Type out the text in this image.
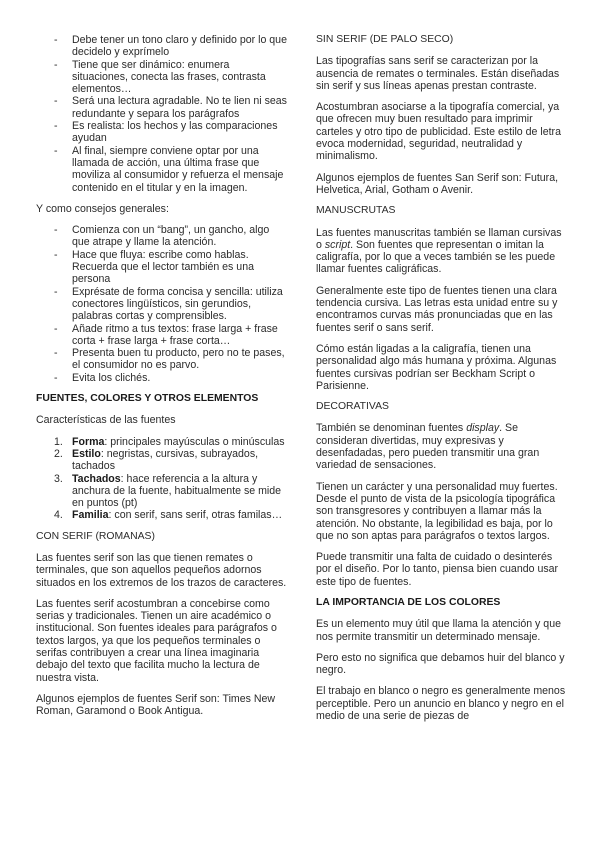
- Debe tener un tono claro y definido por lo que decidelo y exprímelo
- Tiene que ser dinámico: enumera situaciones, conecta las frases, contrasta elementos…
- Será una lectura agradable. No te lien ni seas redundante y separa los parágrafos
- Es realista: los hechos y las comparaciones ayudan
- Al final, siempre conviene optar por una llamada de acción, una última frase que moviliza al consumidor y refuerza el mensaje contenido en el titular y en la imagen.

Y como consejos generales:

- Comienza con un “bang”, un gancho, algo que atrape y llame la atención.
- Hace que fluya: escribe como hablas. Recuerda que el lector también es una persona
- Exprésate de forma concisa y sencilla: utiliza conectores lingüísticos, sin gerundios, palabras cortas y comprensibles.
- Añade ritmo a tus textos: frase larga + frase corta + frase larga + frase corta…
- Presenta buen tu producto, pero no te pases, el consumidor no es parvo.
- Evita los clichés.
FUENTES, COLORES Y OTROS ELEMENTOS

Características de las fuentes

1. Forma: principales mayúsculas o minúsculas
2. Estilo: negristas, cursivas, subrayados, tachados
3. Tachados: hace referencia a la altura y anchura de la fuente, habitualmente se mide en puntos (pt)
4. Familia: con serif, sans serif, otras familas…
CON SERIF (ROMANAS)

Las fuentes serif son las que tienen remates o terminales, que son aquellos pequeños adornos situados en los extremos de los trazos de caracteres.

Las fuentes serif acostumbran a concebirse como serias y tradicionales. Tienen un aire académico o institucional. Son fuentes ideales para parágrafos o textos largos, ya que los pequeños terminales o serifas contribuyen a crear una línea imaginaria debajo del texto que facilita mucho la lectura de nuestra vista.

Algunos ejemplos de fuentes Serif son: Times New Roman, Garamond o Book Antigua.

SIN SERIF (DE PALO SECO)

Las tipografías sans serif se caracterizan por la ausencia de remates o terminales. Están diseñadas sin serif y sus líneas apenas prestan contraste.

Acostumbran asociarse a la tipografía comercial, ya que ofrecen muy buen resultado para imprimir carteles y otro tipo de publicidad. Este estilo de letra evoca modernidad, seguridad, neutralidad y minimalismo.

Algunos ejemplos de fuentes San Serif son: Futura, Helvetica, Arial, Gotham o Avenir.

MANUSCRUTAS

Las fuentes manuscritas también se llaman cursivas o script. Son fuentes que representan o imitan la caligrafía, por lo que a veces también se les puede llamar fuentes caligráficas.

Generalmente este tipo de fuentes tienen una clara tendencia cursiva. Las letras esta unidad entre su y encontramos curvas más pronunciadas que en las fuentes serif o sans serif.

Cómo están ligadas a la caligrafía, tienen una personalidad algo más humana y próxima. Algunas fuentes cursivas podrían ser Beckham Script o Parisienne.

DECORATIVAS

También se denominan fuentes display. Se consideran divertidas, muy expresivas y desenfadadas, pero pueden transmitir una gran variedad de sensaciones.

Tienen un carácter y una personalidad muy fuertes. Desde el punto de vista de la psicología tipográfica son transgresores y contribuyen a llamar más la atención. No obstante, la legibilidad es baja, por lo que no son aptas para parágrafos o textos largos.

Puede transmitir una falta de cuidado o desinterés por el diseño. Por lo tanto, piensa bien cuando usar este tipo de fuentes.

LA IMPORTANCIA DE LOS COLORES

Es un elemento muy útil que llama la atención y que nos permite transmitir un determinado mensaje.

Pero esto no significa que debamos huir del blanco y negro.

El trabajo en blanco o negro es generalmente menos perceptible. Pero un anuncio en blanco y negro en el medio de una serie de piezas de
